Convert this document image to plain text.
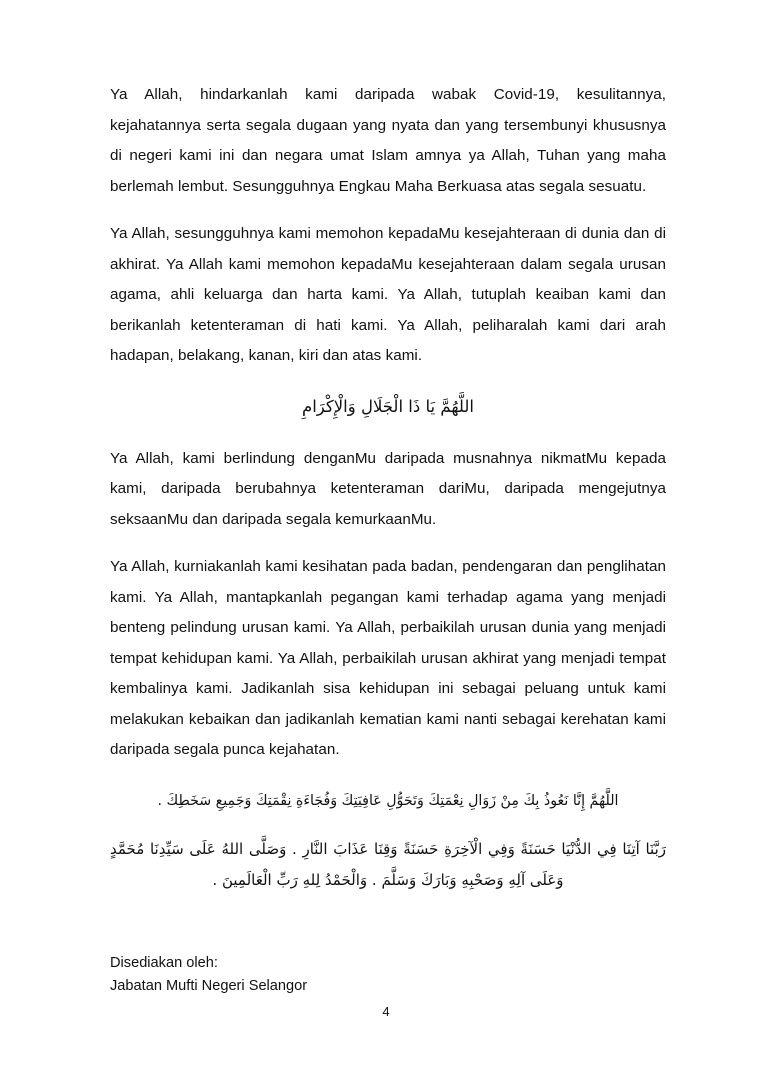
Ya Allah, hindarkanlah kami daripada wabak Covid-19, kesulitannya, kejahatannya serta segala dugaan yang nyata dan yang tersembunyi khususnya di negeri kami ini dan negara umat Islam amnya ya Allah, Tuhan yang maha berlemah lembut. Sesungguhnya Engkau Maha Berkuasa atas segala sesuatu.

Ya Allah, sesungguhnya kami memohon kepadaMu kesejahteraan di dunia dan di akhirat. Ya Allah kami memohon kepadaMu kesejahteraan dalam segala urusan agama, ahli keluarga dan harta kami. Ya Allah, tutuplah keaiban kami dan berikanlah ketenteraman di hati kami. Ya Allah, peliharalah kami dari arah hadapan, belakang, kanan, kiri dan atas kami.

اللَّهُمَّ يَا ذَا الْجَلَالِ وَالْإِكْرَامِ

Ya Allah, kami berlindung denganMu daripada musnahnya nikmatMu kepada kami, daripada berubahnya ketenteraman dariMu, daripada mengejutnya seksaanMu dan daripada segala kemurkaanMu.

Ya Allah, kurniakanlah kami kesihatan pada badan, pendengaran dan penglihatan kami. Ya Allah, mantapkanlah pegangan kami terhadap agama yang menjadi benteng pelindung urusan kami. Ya Allah, perbaikilah urusan dunia yang menjadi tempat kehidupan kami. Ya Allah, perbaikilah urusan akhirat yang menjadi tempat kembalinya kami. Jadikanlah sisa kehidupan ini sebagai peluang untuk kami melakukan kebaikan dan jadikanlah kematian kami nanti sebagai kerehatan kami daripada segala punca kejahatan.

اللَّهُمَّ إِنَّا نَعُوذُ بِكَ مِنْ زَوَالِ نِعْمَتِكَ وَتَحَوُّلِ عَافِيَتِكَ وَفُجَاءَةِ نِقْمَتِكَ وَجَمِيعِ سَخَطِكَ .

رَبَّنَا آتِنَا فِي الدُّنْيَا حَسَنَةً وَفِي الْآخِرَةِ حَسَنَةً وَقِنَا عَذَابَ النَّارِ . وَصَلَّى اللهُ عَلَى سَيِّدِنَا مُحَمَّدٍ وَعَلَى آلِهِ وَصَحْبِهِ وَبَارَكَ وَسَلَّمَ . وَالْحَمْدُ لِلهِ رَبِّ الْعَالَمِينَ .

Disediakan oleh:
Jabatan Mufti Negeri Selangor
4
